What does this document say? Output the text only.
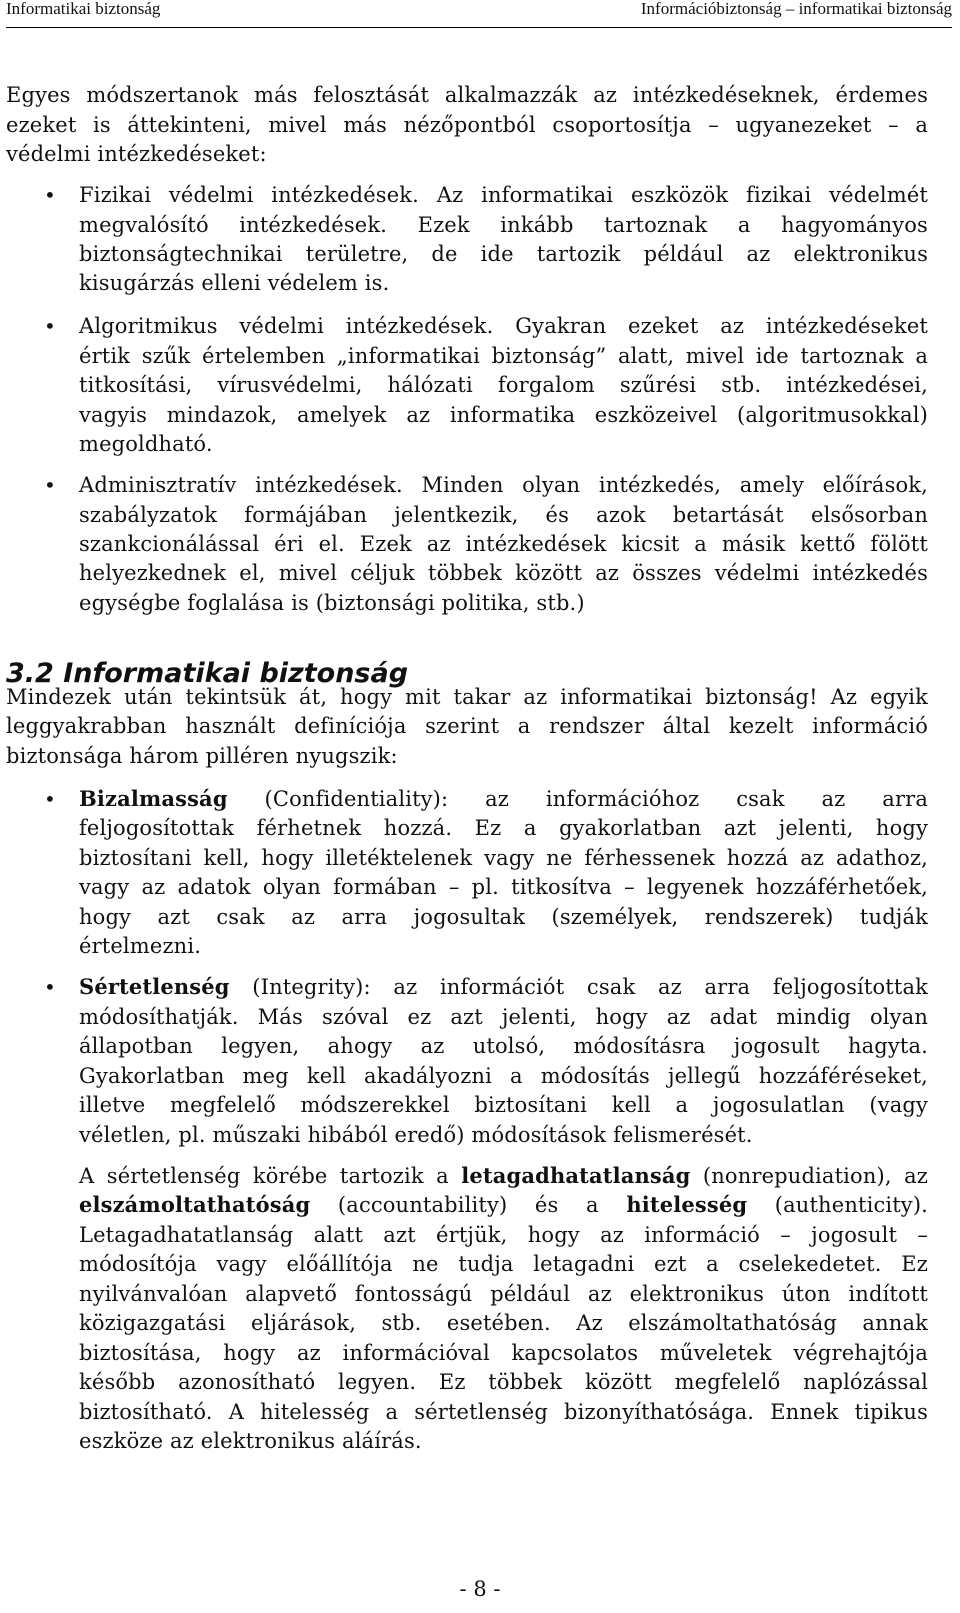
Informatikai biztonság	Információbiztonság – informatikai biztonság
Egyes módszertanok más felosztását alkalmazzák az intézkedéseknek, érdemes
ezeket is áttekinteni, mivel más nézőpontból csoportosítja – ugyanezeket – a
védelmi intézkedéseket:
• Fizikai védelmi intézkedések. Az informatikai eszközök fizikai védelmét
megvalósító intézkedések. Ezek inkább tartoznak a hagyományos
biztonságtechnikai területre, de ide tartozik például az elektronikus
kisugárzás elleni védelem is.
• Algoritmikus védelmi intézkedések. Gyakran ezeket az intézkedéseket
értik szűk értelemben „informatikai biztonság” alatt, mivel ide tartoznak a
titkosítási, vírusvédelmi, hálózati forgalom szűrési stb. intézkedései,
vagyis mindazok, amelyek az informatika eszközeivel (algoritmusokkal)
megoldható.
• Adminisztratív intézkedések. Minden olyan intézkedés, amely előírások,
szabályzatok formájában jelentkezik, és azok betartását elsősorban
szankcionálással éri el. Ezek az intézkedések kicsit a másik kettő fölött
helyezkednek el, mivel céljuk többek között az összes védelmi intézkedés
egységbe foglalása is (biztonsági politika, stb.)
3.2 Informatikai biztonság
Mindezek után tekintsük át, hogy mit takar az informatikai biztonság! Az egyik
leggyakrabban használt definíciója szerint a rendszer által kezelt információ
biztonsága három pilléren nyugszik:
• Bizalmasság (Confidentiality): az információhoz csak az arra
feljogosítottak férhetnek hozzá. Ez a gyakorlatban azt jelenti, hogy
biztosítani kell, hogy illetéktelenek vagy ne férhessenek hozzá az adathoz,
vagy az adatok olyan formában – pl. titkosítva – legyenek hozzáférhetőek,
hogy azt csak az arra jogosultak (személyek, rendszerek) tudják
értelmezni.
• Sértetlenség (Integrity): az információt csak az arra feljogosítottak
módosíthatják. Más szóval ez azt jelenti, hogy az adat mindig olyan
állapotban legyen, ahogy az utolsó, módosításra jogosult hagyta.
Gyakorlatban meg kell akadályozni a módosítás jellegű hozzáféréseket,
illetve megfelelő módszerekkel biztosítani kell a jogosulatlan (vagy
véletlen, pl. műszaki hibából eredő) módosítások felismerését.
A sértetlenség körébe tartozik a letagadhatatlanság (nonrepudiation), az
elszámoltathatóság (accountability) és a hitelesség (authenticity).
Letagadhatatlanság alatt azt értjük, hogy az információ – jogosult –
módosítója vagy előállítója ne tudja letagadni ezt a cselekedetet. Ez
nyilvánvalóan alapvető fontosságú például az elektronikus úton indított
közigazgatási eljárások, stb. esetében. Az elszámoltathatóság annak
biztosítása, hogy az információval kapcsolatos műveletek végrehajtója
később azonosítható legyen. Ez többek között megfelelő naplózással
biztosítható. A hitelesség a sértetlenség bizonyíthatósága. Ennek tipikus
eszköze az elektronikus aláírás.
- 8 -
